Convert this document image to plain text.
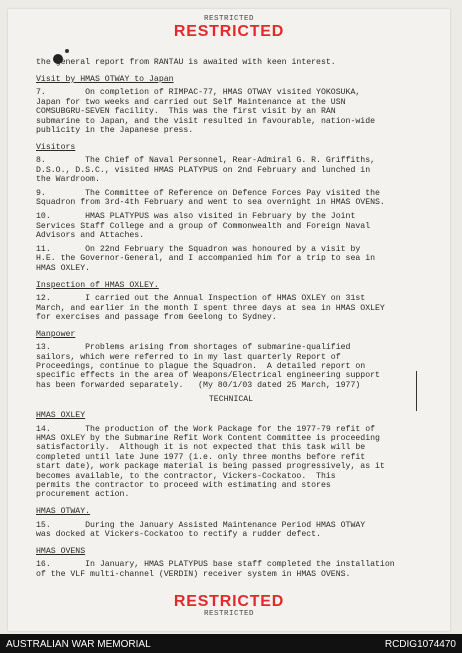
RESTRICTED
RESTRICTED

the general report from RANTAU is awaited with keen interest.

Visit by HMAS OTWAY to Japan

7.        On completion of RIMPAC-77, HMAS OTWAY visited YOKOSUKA,
Japan for two weeks and carried out Self Maintenance at the USN
COMSUBGRU-SEVEN facility.  This was the first visit by an RAN
submarine to Japan, and the visit resulted in favourable, nation-wide
publicity in the Japanese press.

Visitors

8.        The Chief of Naval Personnel, Rear-Admiral G. R. Griffiths,
D.S.O., D.S.C., visited HMAS PLATYPUS on 2nd February and lunched in
the Wardroom.

9.        The Committee of Reference on Defence Forces Pay visited the
Squadron from 3rd-4th February and went to sea overnight in HMAS OVENS.

10.       HMAS PLATYPUS was also visited in February by the Joint
Services Staff College and a group of Commonwealth and Foreign Naval
Advisors and Attaches.

11.       On 22nd February the Squadron was honoured by a visit by
H.E. the Governor-General, and I accompanied him for a trip to sea in
HMAS OXLEY.

Inspection of HMAS OXLEY.

12.       I carried out the Annual Inspection of HMAS OXLEY on 31st
March, and earlier in the month I spent three days at sea in HMAS OXLEY
for exercises and passage from Geelong to Sydney.

Manpower

13.       Problems arising from shortages of submarine-qualified
sailors, which were referred to in my last quarterly Report of
Proceedings, continue to plague the Squadron.  A detailed report on
specific effects in the area of Weapons/Electrical engineering support
has been forwarded separately.   (My 80/1/03 dated 25 March, 1977)

TECHNICAL
HMAS OXLEY

14.       The production of the Work Package for the 1977-79 refit of
HMAS OXLEY by the Submarine Refit Work Content Committee is proceeding
satisfactorily.  Although it is not expected that this task will be
completed until late June 1977 (i.e. only three months before refit
start date), work package material is being passed progressively, as it
becomes available, to the contractor, Vickers-Cockatoo.  This
permits the contractor to proceed with estimating and stores
procurement action.

HMAS OTWAY.

15.       During the January Assisted Maintenance Period HMAS OTWAY
was docked at Vickers-Cockatoo to rectify a rudder defect.

HMAS OVENS

16.       In January, HMAS PLATYPUS base staff completed the installation
of the VLF multi-channel (VERDIN) receiver system in HMAS OVENS.

RESTRICTED
RESTRICTED
AUSTRALIAN WAR MEMORIAL	RCDIG1074470
